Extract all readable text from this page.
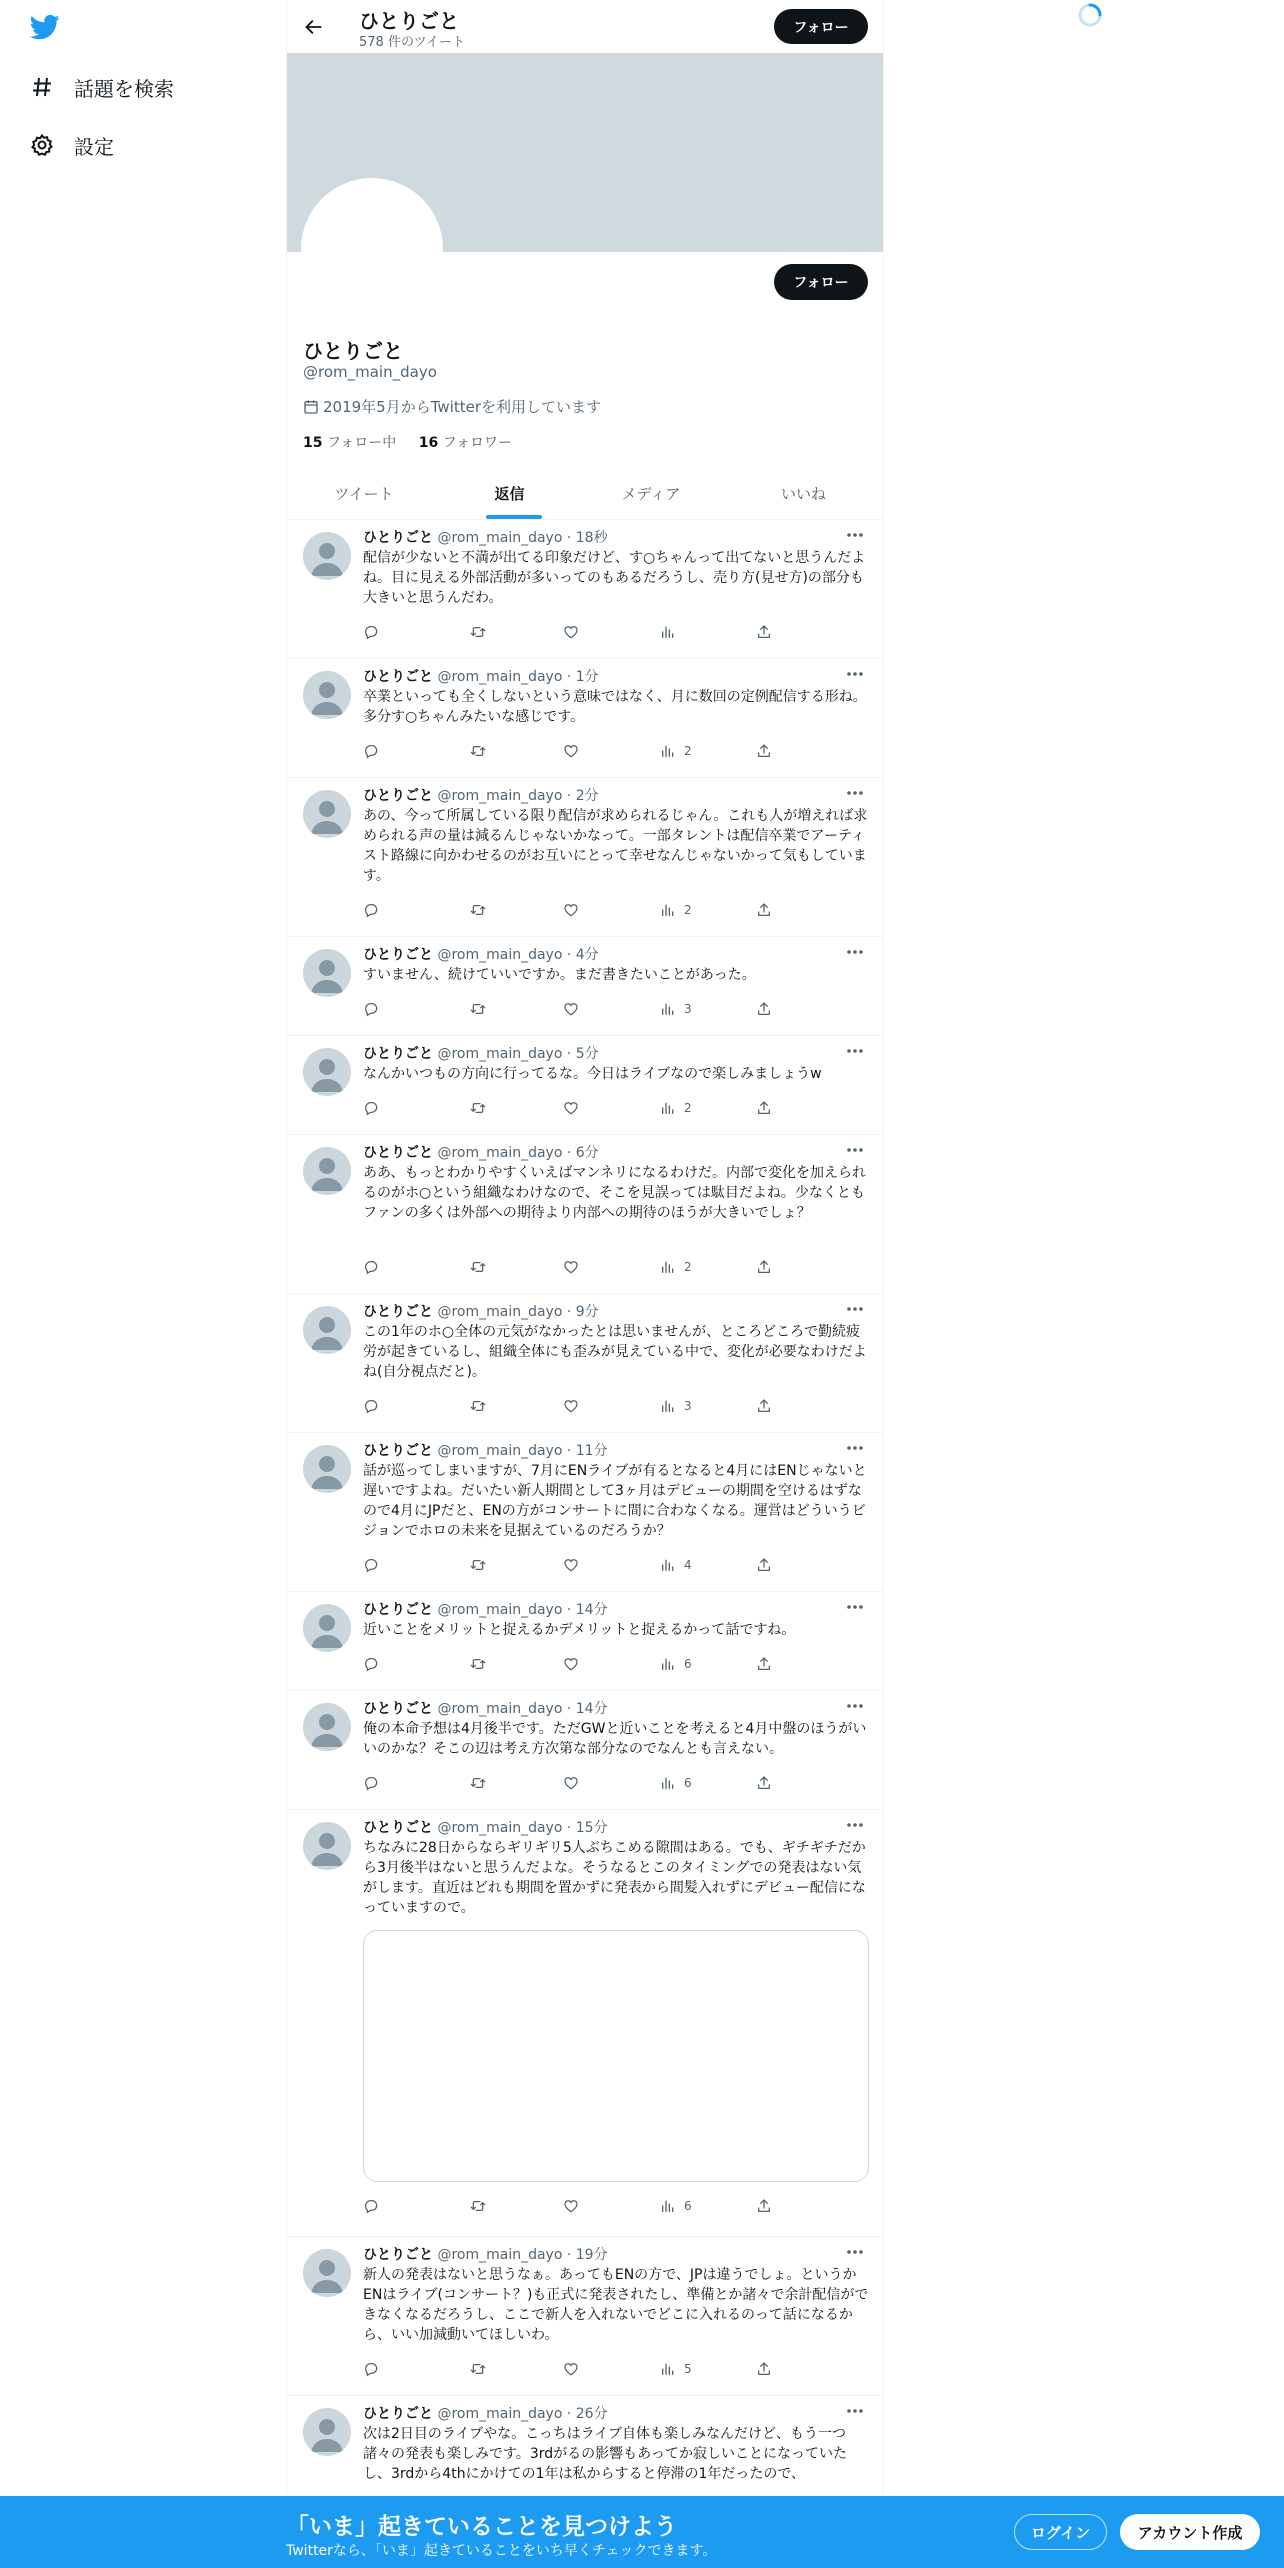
話題を検索
設定
ひとりごと
578 件のツイート
フォロー
フォロー
ひとりごと
@rom_main_dayo
2019年5月からTwitterを利用しています
15 フォロー中 16 フォロワー
ツイート	返信	メディア	いいね
ひとりごと @rom_main_dayo · 18秒
配信が少ないと不満が出てる印象だけど、す○ちゃんって出てないと思うんだよね。目に見える外部活動が多いってのもあるだろうし、売り方(見せ方)の部分も大きいと思うんだわ。
ひとりごと @rom_main_dayo · 1分
卒業といっても全くしないという意味ではなく、月に数回の定例配信する形ね。多分す○ちゃんみたいな感じです。
2
ひとりごと @rom_main_dayo · 2分
あの、今って所属している限り配信が求められるじゃん。これも人が増えれば求められる声の量は減るんじゃないかなって。一部タレントは配信卒業でアーティスト路線に向かわせるのがお互いにとって幸せなんじゃないかって気もしています。
2
ひとりごと @rom_main_dayo · 4分
すいません、続けていいですか。まだ書きたいことがあった。
3
ひとりごと @rom_main_dayo · 5分
なんかいつもの方向に行ってるな。今日はライブなので楽しみましょうw
2
ひとりごと @rom_main_dayo · 6分
ああ、もっとわかりやすくいえばマンネリになるわけだ。内部で変化を加えられるのがホ○という組織なわけなので、そこを見誤っては駄目だよね。少なくともファンの多くは外部への期待より内部への期待のほうが大きいでしょ？
2
ひとりごと @rom_main_dayo · 9分
この1年のホ○全体の元気がなかったとは思いませんが、ところどころで勤続疲労が起きているし、組織全体にも歪みが見えている中で、変化が必要なわけだよね(自分視点だと)。
3
ひとりごと @rom_main_dayo · 11分
話が巡ってしまいますが、7月にENライブが有るとなると4月にはENじゃないと遅いですよね。だいたい新人期間として3ヶ月はデビューの期間を空けるはずなので4月にJPだと、ENの方がコンサートに間に合わなくなる。運営はどういうビジョンでホロの未来を見据えているのだろうか？
4
ひとりごと @rom_main_dayo · 14分
近いことをメリットと捉えるかデメリットと捉えるかって話ですね。
6
ひとりごと @rom_main_dayo · 14分
俺の本命予想は4月後半です。ただGWと近いことを考えると4月中盤のほうがいいのかな？そこの辺は考え方次第な部分なのでなんとも言えない。
6
ひとりごと @rom_main_dayo · 15分
ちなみに28日からならギリギリ5人ぶちこめる隙間はある。でも、ギチギチだから3月後半はないと思うんだよな。そうなるとこのタイミングでの発表はない気がします。直近はどれも期間を置かずに発表から間髪入れずにデビュー配信になっていますので。
6
ひとりごと @rom_main_dayo · 19分
新人の発表はないと思うなぁ。あってもENの方で、JPは違うでしょ。というかENはライブ(コンサート？)も正式に発表されたし、準備とか諸々で余計配信ができなくなるだろうし、ここで新人を入れないでどこに入れるのって話になるから、いい加減動いてほしいわ。
5
ひとりごと @rom_main_dayo · 26分
次は2日目のライブやな。こっちはライブ自体も楽しみなんだけど、もう一つ諸々の発表も楽しみです。3rdがるの影響もあってか寂しいことになっていたし、3rdから4thにかけての1年は私からすると停滞の1年だったので、
「いま」起きていることを見つけよう
Twitterなら、「いま」起きていることをいち早くチェックできます。
ログイン	アカウント作成
